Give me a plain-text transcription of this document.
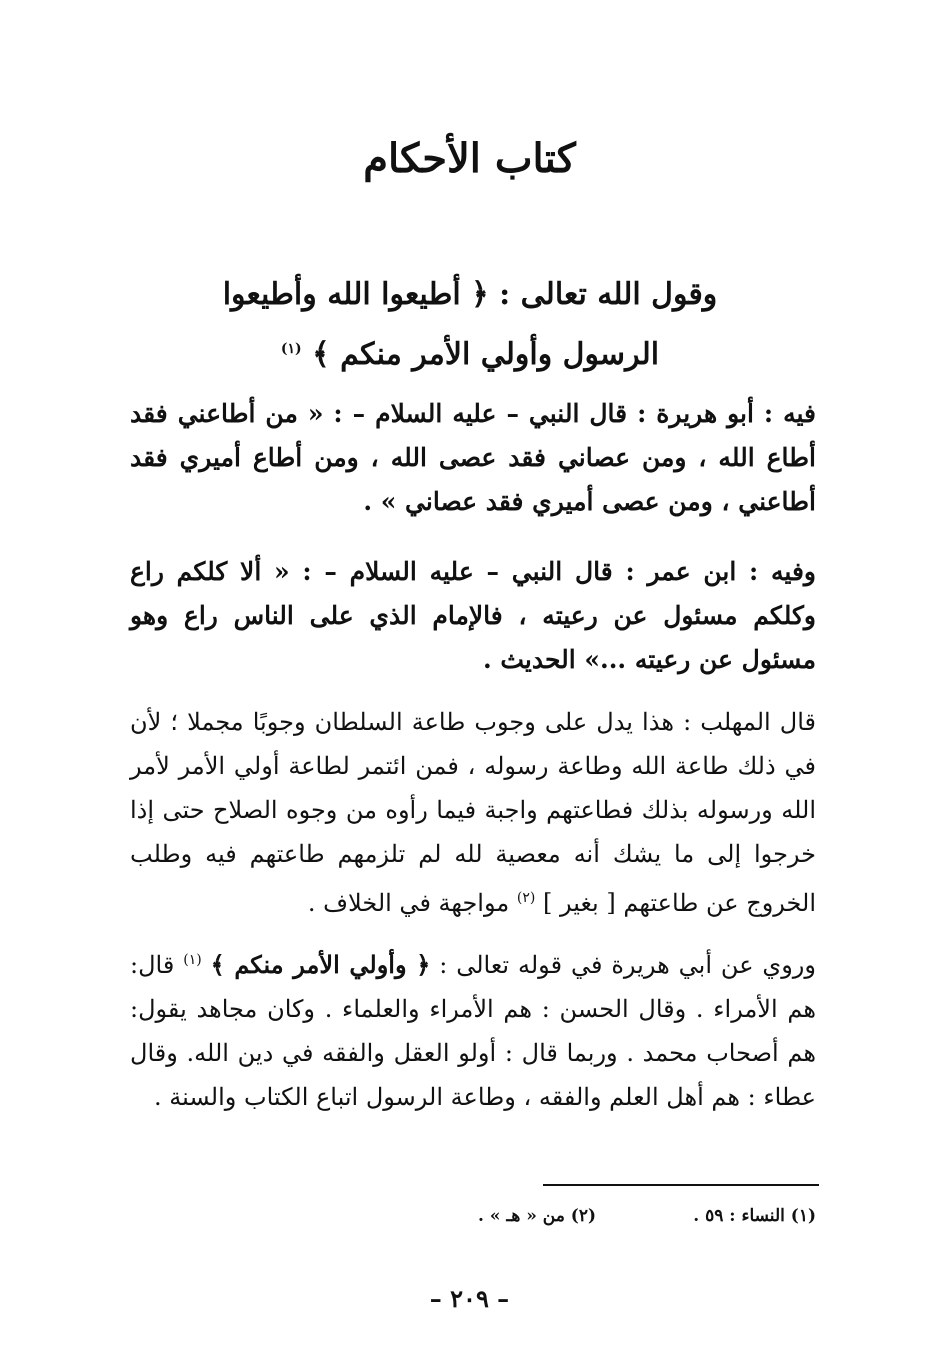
كتاب الأحكام
وقول الله تعالى : ﴿ أطيعوا الله وأطيعوا
الرسول وأولي الأمر منكم ﴾ $^{(١)}$

فيه : أبو هريرة : قال النبي – عليه السلام – : « من أطاعني فقد أطاع الله ، ومن عصاني فقد عصى الله ، ومن أطاع أميري فقد أطاعني ، ومن عصى أميري فقد عصاني » .

وفيه : ابن عمر : قال النبي – عليه السلام – : « ألا كلكم راع وكلكم مسئول عن رعيته ، فالإمام الذي على الناس راع وهو مسئول عن رعيته ...» الحديث .

قال المهلب : هذا يدل على وجوب طاعة السلطان وجوبًا مجملا ؛ لأن في ذلك طاعة الله وطاعة رسوله ، فمن ائتمر لطاعة أولي الأمر لأمر الله ورسوله بذلك فطاعتهم واجبة فيما رأوه من وجوه الصلاح حتى إذا خرجوا إلى ما يشك أنه معصية لله لم تلزمهم طاعتهم فيه وطلب الخروج عن طاعتهم [ بغير ] $^{(٢)}$ مواجهة في الخلاف .

وروي عن أبي هريرة في قوله تعالى : ﴿ وأولي الأمر منكم ﴾ $^{(١)}$ قال: هم الأمراء . وقال الحسن : هم الأمراء والعلماء . وكان مجاهد يقول: هم أصحاب محمد . وربما قال : أولو العقل والفقه في دين الله. وقال عطاء : هم أهل العلم والفقه ، وطاعة الرسول اتباع الكتاب والسنة .

(١) النساء : ٥٩ .
(٢) من « هـ » .
– ٢٠٩ –
